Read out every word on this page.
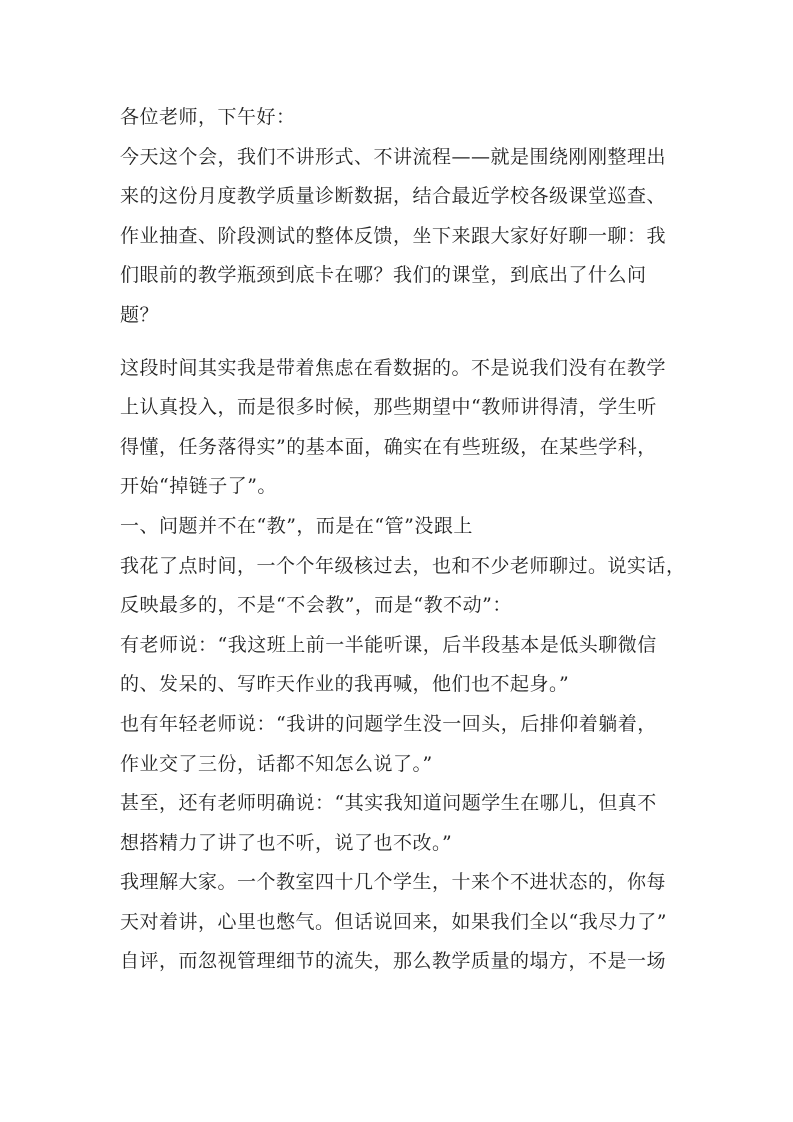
各位老师，下午好：
今天这个会，我们不讲形式、不讲流程——就是围绕刚刚整理出
来的这份月度教学质量诊断数据，结合最近学校各级课堂巡查、
作业抽查、阶段测试的整体反馈，坐下来跟大家好好聊一聊：我
们眼前的教学瓶颈到底卡在哪？我们的课堂，到底出了什么问
题？
这段时间其实我是带着焦虑在看数据的。不是说我们没有在教学
上认真投入，而是很多时候，那些期望中“教师讲得清，学生听
得懂，任务落得实”的基本面，确实在有些班级，在某些学科，
开始“掉链子了”。
一、问题并不在“教”，而是在“管”没跟上
我花了点时间，一个个年级核过去，也和不少老师聊过。说实话，
反映最多的，不是“不会教”，而是“教不动”：
有老师说：“我这班上前一半能听课，后半段基本是低头聊微信
的、发呆的、写昨天作业的我再喊，他们也不起身。”
也有年轻老师说：“我讲的问题学生没一回头，后排仰着躺着，
作业交了三份，话都不知怎么说了。”
甚至，还有老师明确说：“其实我知道问题学生在哪儿，但真不
想搭精力了讲了也不听，说了也不改。”
我理解大家。一个教室四十几个学生，十来个不进状态的，你每
天对着讲，心里也憋气。但话说回来，如果我们全以“我尽力了”
自评，而忽视管理细节的流失，那么教学质量的塌方，不是一场
